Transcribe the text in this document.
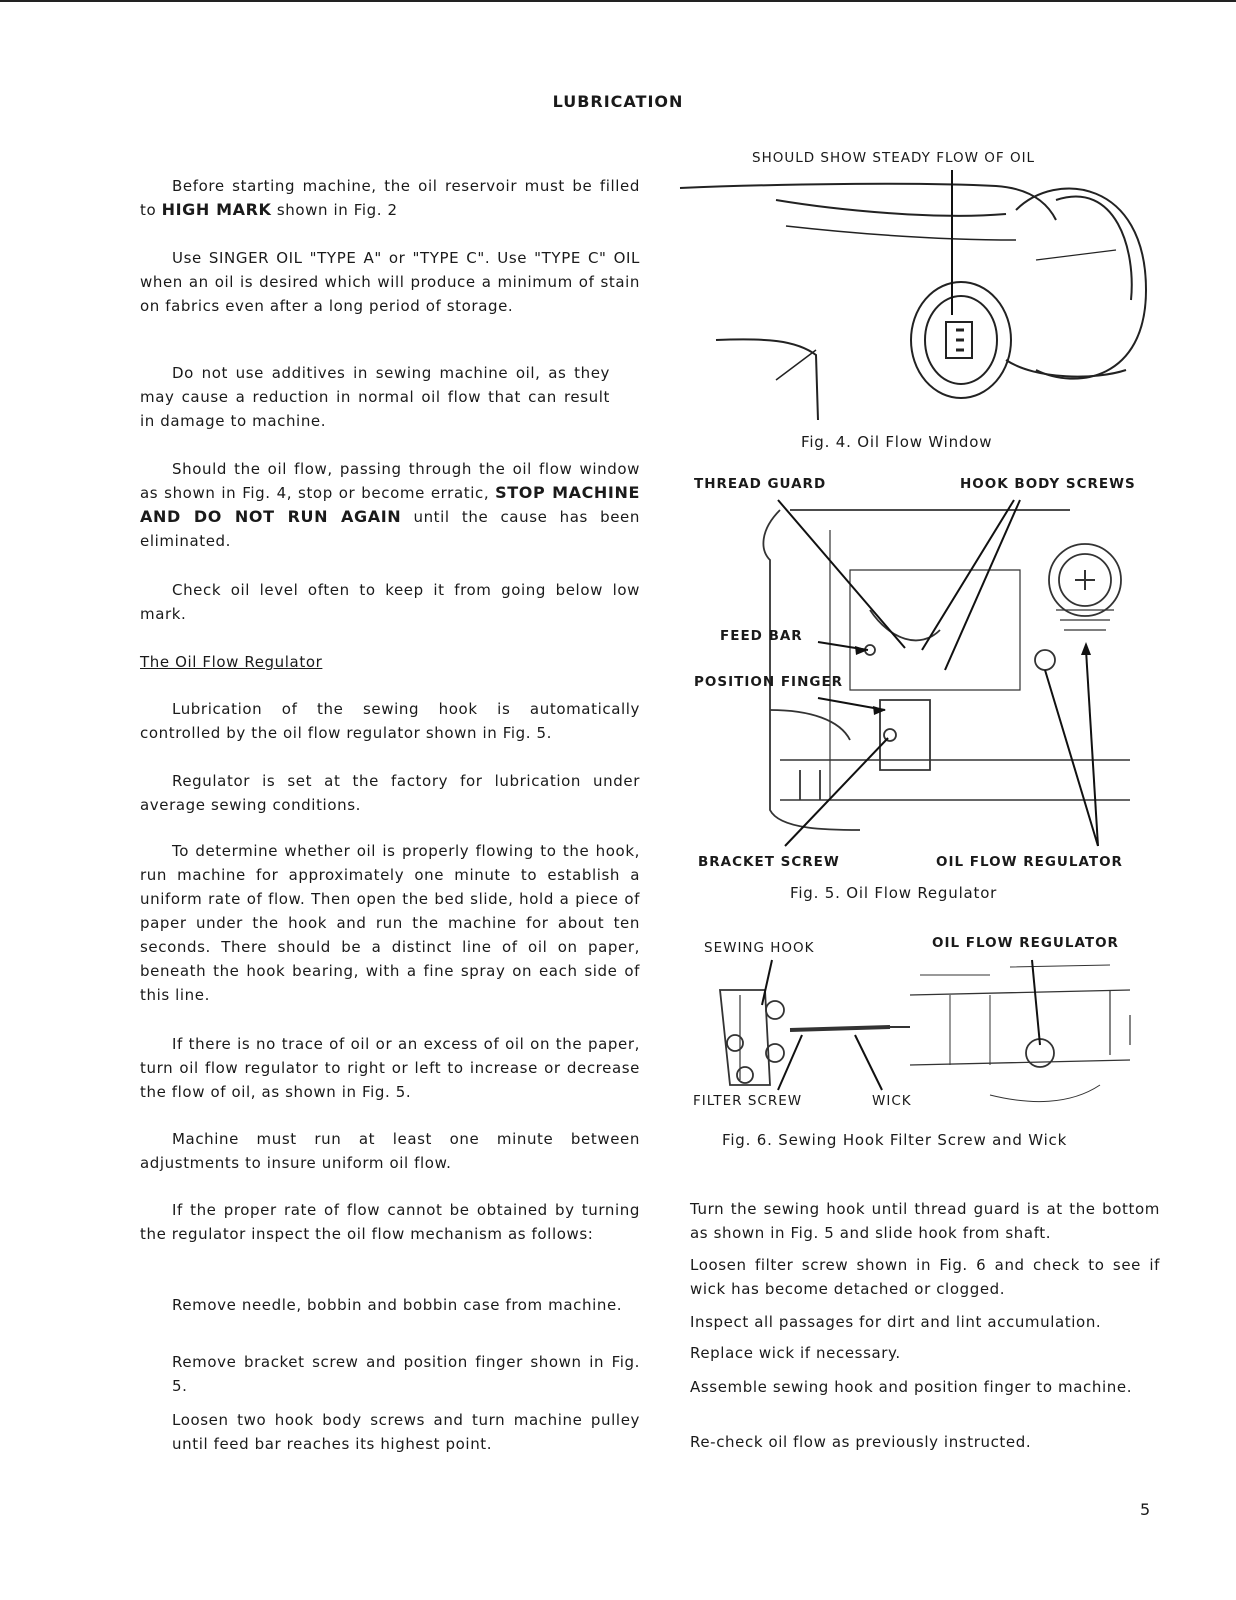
LUBRICATION

Before starting machine, the oil reservoir must be filled to HIGH MARK shown in Fig. 2

Use SINGER OIL "TYPE A" or "TYPE C". Use "TYPE C" OIL when an oil is desired which will produce a minimum of stain on fabrics even after a long period of storage.

Do not use additives in sewing machine oil, as they may cause a reduction in normal oil flow that can result in damage to machine.

Should the oil flow, passing through the oil flow window as shown in Fig. 4, stop or become erratic, STOP MACHINE AND DO NOT RUN AGAIN until the cause has been eliminated.

Check oil level often to keep it from going below low mark.

The Oil Flow Regulator

Lubrication of the sewing hook is automatically controlled by the oil flow regulator shown in Fig. 5.

Regulator is set at the factory for lubrication under average sewing conditions.

To determine whether oil is properly flowing to the hook, run machine for approximately one minute to establish a uniform rate of flow. Then open the bed slide, hold a piece of paper under the hook and run the machine for about ten seconds. There should be a distinct line of oil on paper, beneath the hook bearing, with a fine spray on each side of this line.

If there is no trace of oil or an excess of oil on the paper, turn oil flow regulator to right or left to increase or decrease the flow of oil, as shown in Fig. 5.

Machine must run at least one minute between adjustments to insure uniform oil flow.

If the proper rate of flow cannot be obtained by turning the regulator inspect the oil flow mechanism as follows:

Remove needle, bobbin and bobbin case from machine.

Remove bracket screw and position finger shown in Fig. 5.

Loosen two hook body screws and turn machine pulley until feed bar reaches its highest point.

SHOULD SHOW STEADY FLOW OF OIL
Fig. 4. Oil Flow Window
THREAD GUARD	HOOK BODY SCREWS
FEED BAR
POSITION FINGER
BRACKET SCREW	OIL FLOW REGULATOR
Fig. 5. Oil Flow Regulator
SEWING HOOK	OIL FLOW REGULATOR
FILTER SCREW	WICK
Fig. 6. Sewing Hook Filter Screw and Wick

Turn the sewing hook until thread guard is at the bottom as shown in Fig. 5 and slide hook from shaft.

Loosen filter screw shown in Fig. 6 and check to see if wick has become detached or clogged.

Inspect all passages for dirt and lint accumulation.

Replace wick if necessary.

Assemble sewing hook and position finger to machine.

Re-check oil flow as previously instructed.

5
